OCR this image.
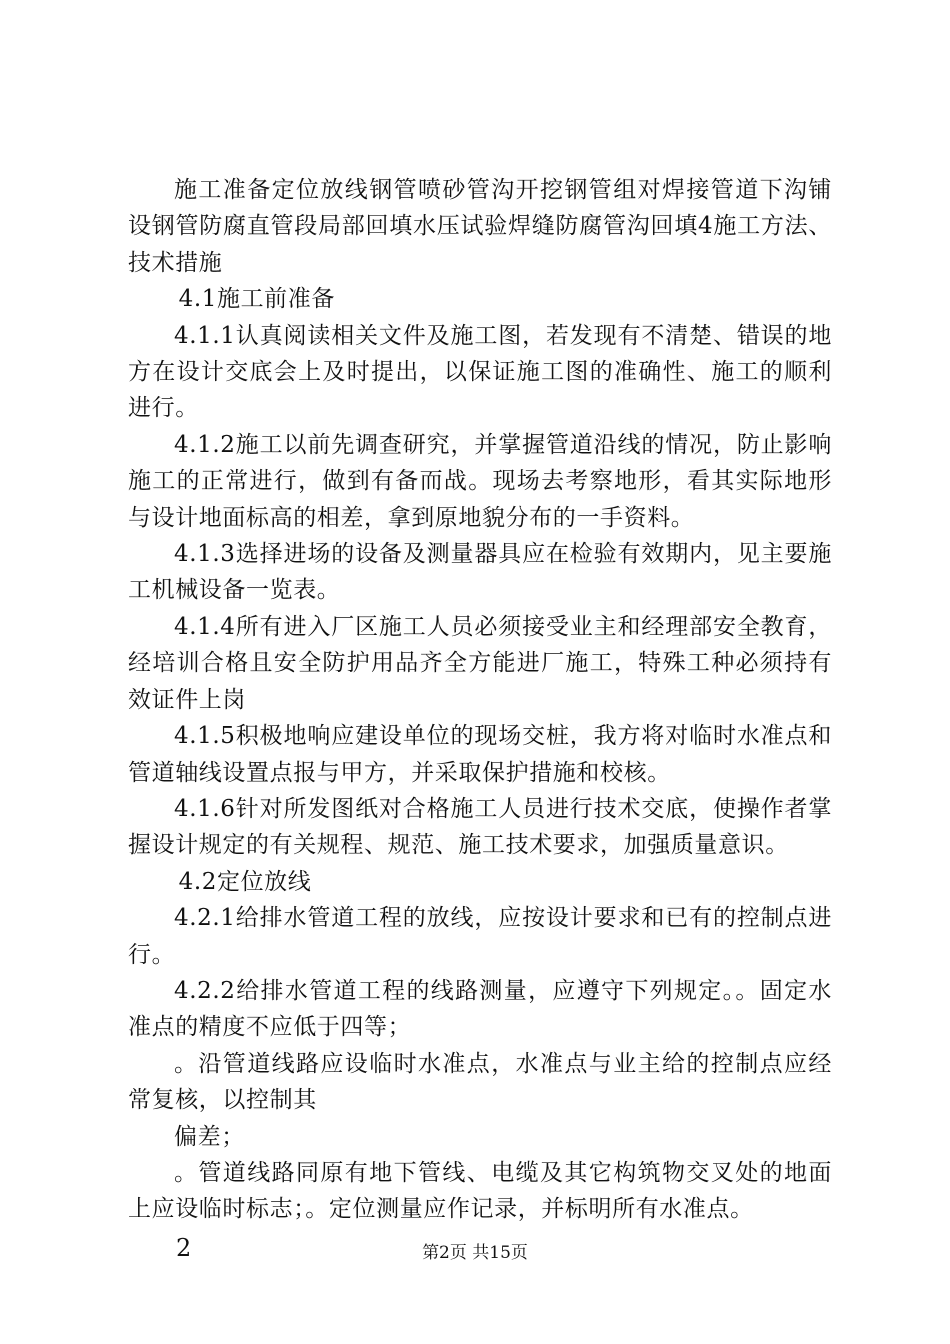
施工准备定位放线钢管喷砂管沟开挖钢管组对焊接管道下沟铺设钢管防腐直管段局部回填水压试验焊缝防腐管沟回填4施工方法、技术措施

4.1施工前准备

4.1.1认真阅读相关文件及施工图，若发现有不清楚、错误的地方在设计交底会上及时提出，以保证施工图的准确性、施工的顺利进行。

4.1.2施工以前先调查研究，并掌握管道沿线的情况，防止影响施工的正常进行，做到有备而战。现场去考察地形，看其实际地形与设计地面标高的相差，拿到原地貌分布的一手资料。

4.1.3选择进场的设备及测量器具应在检验有效期内，见主要施工机械设备一览表。

4.1.4所有进入厂区施工人员必须接受业主和经理部安全教育，经培训合格且安全防护用品齐全方能进厂施工，特殊工种必须持有效证件上岗

4.1.5积极地响应建设单位的现场交桩，我方将对临时水准点和管道轴线设置点报与甲方，并采取保护措施和校核。

4.1.6针对所发图纸对合格施工人员进行技术交底，使操作者掌握设计规定的有关规程、规范、施工技术要求，加强质量意识。

4.2定位放线

4.2.1给排水管道工程的放线，应按设计要求和已有的控制点进行。

4.2.2给排水管道工程的线路测量，应遵守下列规定。。固定水准点的精度不应低于四等；

。沿管道线路应设临时水准点，水准点与业主给的控制点应经常复核，以控制其

偏差；

。管道线路同原有地下管线、电缆及其它构筑物交叉处的地面上应设临时标志；。定位测量应作记录，并标明所有水准点。

2	第2页 共15页
